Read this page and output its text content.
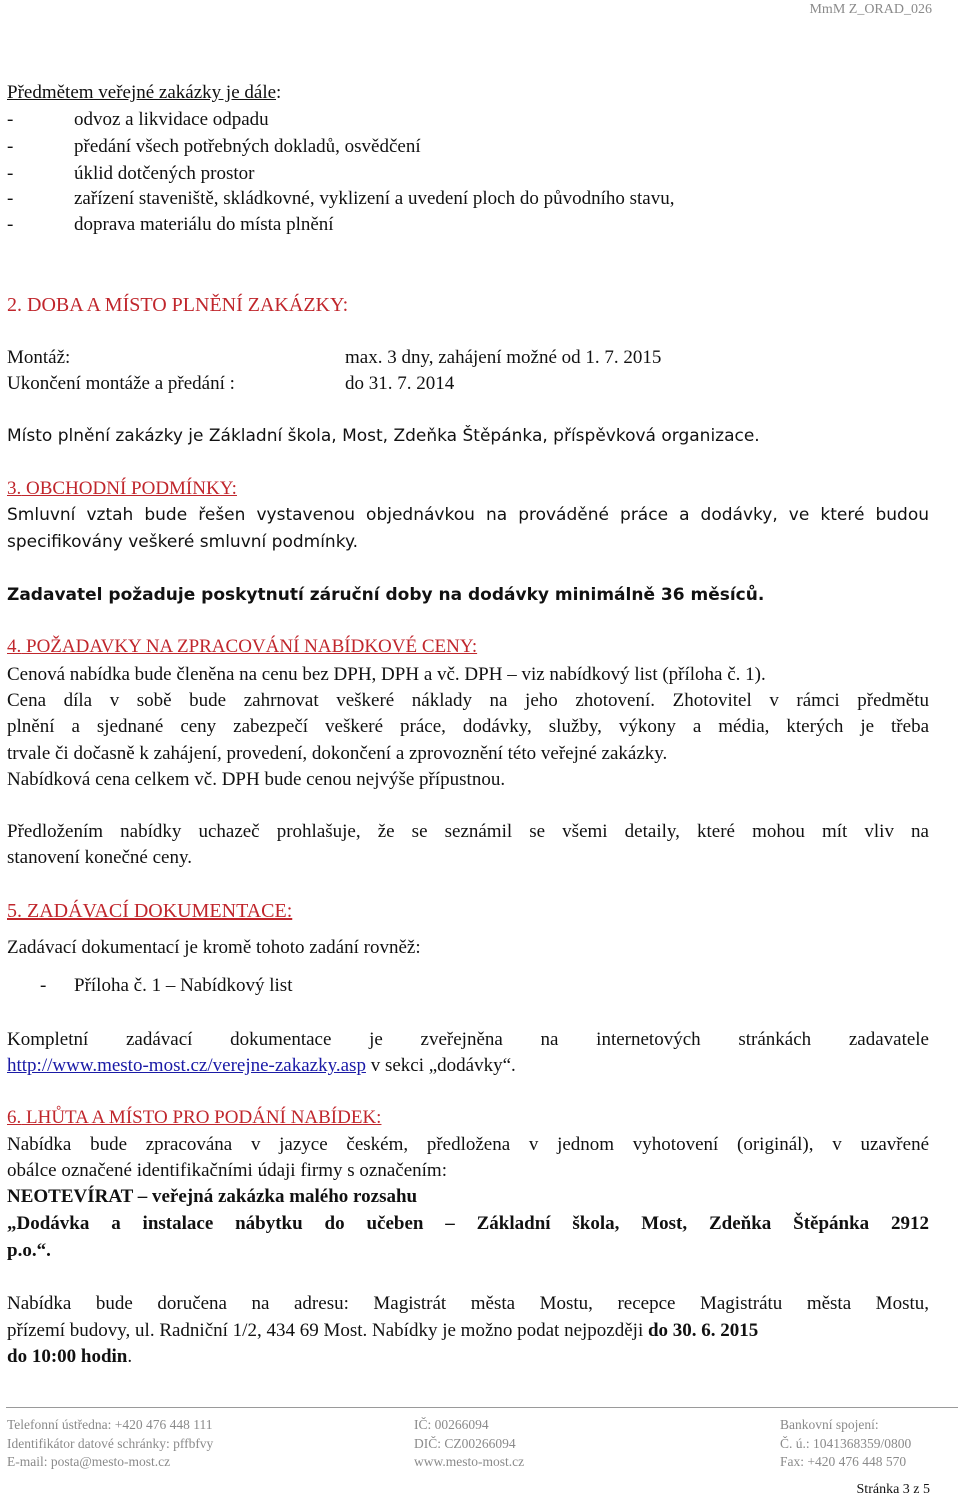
MmM Z_ORAD_026
Předmětem veřejné zakázky je dále:
-	odvoz a likvidace odpadu
-	předání všech potřebných dokladů, osvědčení
-	úklid dotčených prostor
-	zařízení staveniště, skládkovné, vyklizení a uvedení ploch do původního stavu,
-	doprava materiálu do místa plnění
2. DOBA A MÍSTO PLNĚNÍ ZAKÁZKY:
Montáž:	max. 3 dny, zahájení možné od 1. 7. 2015
Ukončení montáže a předání :	do 31. 7. 2014
Místo plnění zakázky je Základní škola, Most, Zdeňka Štěpánka, příspěvková organizace.
3. OBCHODNÍ PODMÍNKY:
Smluvní vztah bude řešen vystavenou objednávkou na prováděné práce a dodávky, ve které budou
specifikovány veškeré smluvní podmínky.
Zadavatel požaduje poskytnutí záruční doby na dodávky minimálně 36 měsíců.
4. POŽADAVKY NA ZPRACOVÁNÍ NABÍDKOVÉ CENY:
Cenová nabídka bude členěna na cenu bez DPH, DPH a vč. DPH – viz nabídkový list (příloha č. 1).
Cena díla v sobě bude zahrnovat veškeré náklady na jeho zhotovení. Zhotovitel v rámci předmětu
plnění a sjednané ceny zabezpečí veškeré práce, dodávky, služby, výkony a média, kterých je třeba
trvale či dočasně k zahájení, provedení, dokončení a zprovoznění této veřejné zakázky.
Nabídková cena celkem vč. DPH bude cenou nejvýše přípustnou.
Předložením nabídky uchazeč prohlašuje, že se seznámil se všemi detaily, které mohou mít vliv na
stanovení konečné ceny.
5. ZADÁVACÍ DOKUMENTACE:
Zadávací dokumentací je kromě tohoto zadání rovněž:
- Příloha č. 1 – Nabídkový list
Kompletní zadávací dokumentace je zveřejněna na internetových stránkách zadavatele
http://www.mesto-most.cz/verejne-zakazky.asp v sekci „dodávky“.
6. LHŮTA A MÍSTO PRO PODÁNÍ NABÍDEK:
Nabídka bude zpracována v jazyce českém, předložena v jednom vyhotovení (originál), v uzavřené
obálce označené identifikačními údaji firmy s označením:
NEOTEVÍRAT – veřejná zakázka malého rozsahu
„Dodávka a instalace nábytku do učeben – Základní škola, Most, Zdeňka Štěpánka 2912
p.o.“.
Nabídka bude doručena na adresu: Magistrát města Mostu, recepce Magistrátu města Mostu,
přízemí budovy, ul. Radniční 1/2, 434 69 Most. Nabídky je možno podat nejpozději do 30. 6. 2015
do 10:00 hodin.
Telefonní ústředna: +420 476 448 111
Identifikátor datové schránky: pffbfvy
E-mail: posta@mesto-most.cz
IČ: 00266094
DIČ: CZ00266094
www.mesto-most.cz
Bankovní spojení:
Č. ú.: 1041368359/0800
Fax: +420 476 448 570
Stránka 3 z 5
